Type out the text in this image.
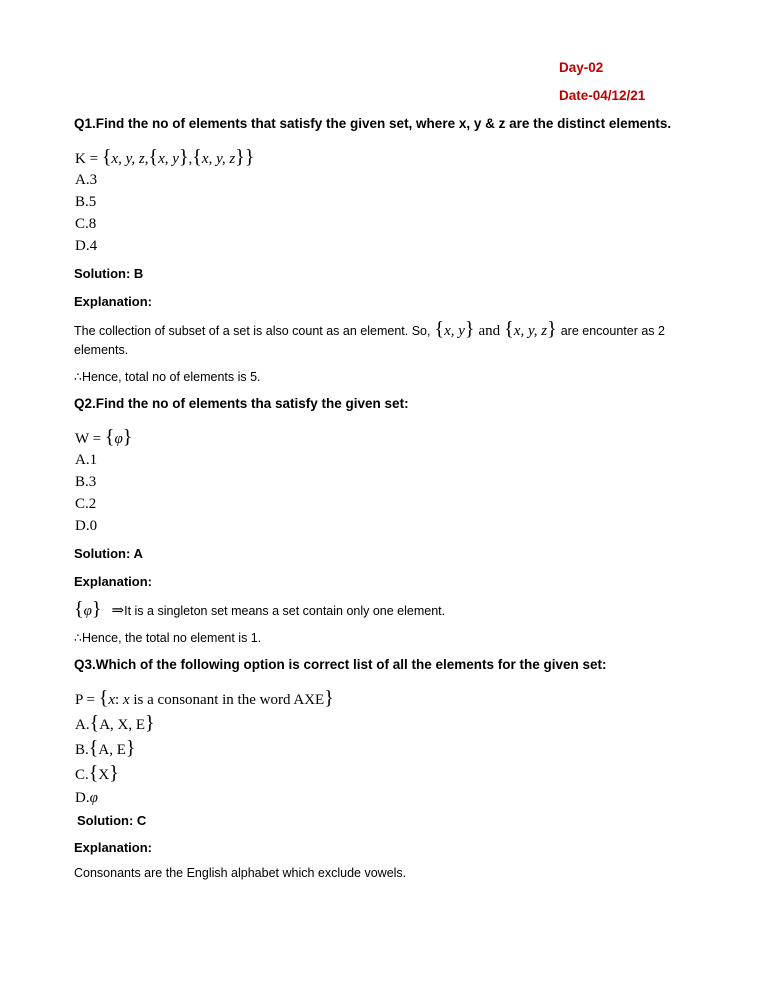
Day-02
Date-04/12/21
Q1.Find the no of elements that satisfy the given set, where x, y & z are the distinct elements.
K = {x, y, z,{x, y},{x, y, z}}
A.3
B.5
C.8
D.4
Solution: B
Explanation:
The collection of subset of a set is also count as an element. So, {x, y} and {x, y, z} are encounter as 2
elements.
∴Hence, total no of elements is 5.
Q2.Find the no of elements tha satisfy the given set:
W = {φ}
A.1
B.3
C.2
D.0
Solution: A
Explanation:
{φ} ⇒It is a singleton set means a set contain only one element.
∴Hence, the total no element is 1.
Q3.Which of the following option is correct list of all the elements for the given set:
P = {x: x is a consonant in the word AXE}
A.{A, X, E}
B.{A, E}
C.{X}
D.φ
Solution: C
Explanation:
Consonants are the English alphabet which exclude vowels.
